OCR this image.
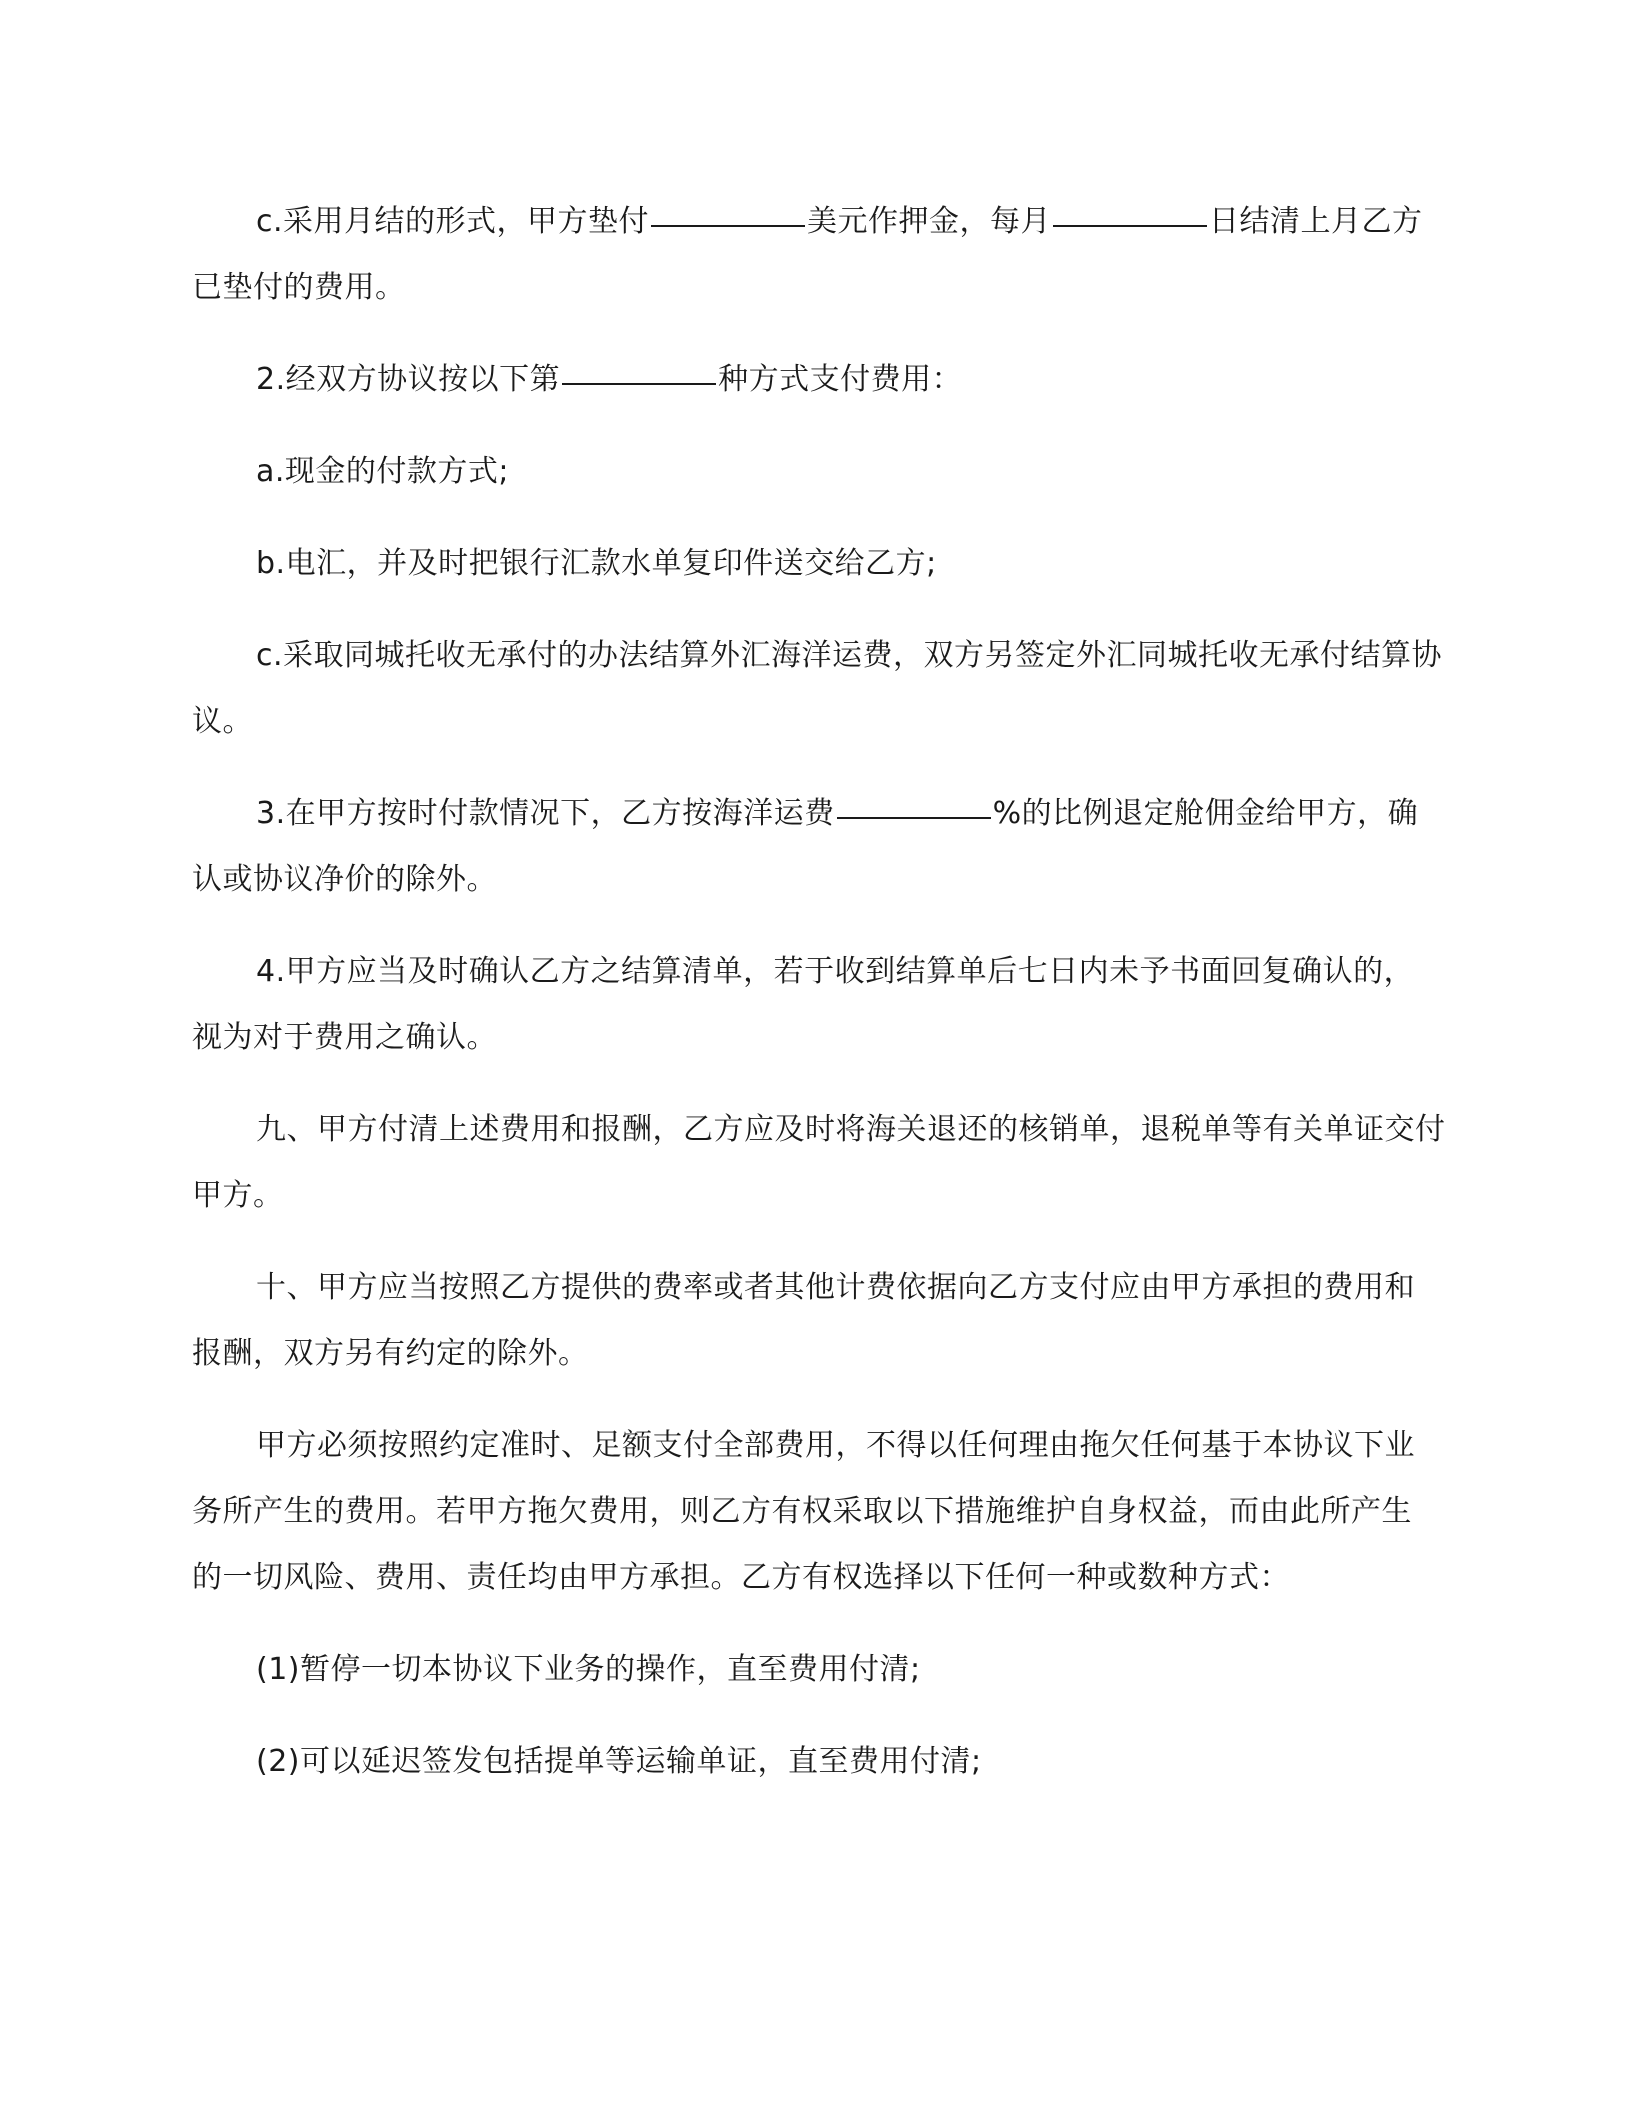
c.采用月结的形式，甲方垫付	美元作押金，每月	日结清上月乙方已垫付的费用。

2.经双方协议按以下第	种方式支付费用：

a.现金的付款方式;

b.电汇，并及时把银行汇款水单复印件送交给乙方;

c.采取同城托收无承付的办法结算外汇海洋运费，双方另签定外汇同城托收无承付结算协议。

3.在甲方按时付款情况下，乙方按海洋运费	%的比例退定舱佣金给甲方，确认或协议净价的除外。

4.甲方应当及时确认乙方之结算清单，若于收到结算单后七日内未予书面回复确认的，视为对于费用之确认。

九、甲方付清上述费用和报酬，乙方应及时将海关退还的核销单，退税单等有关单证交付甲方。

十、甲方应当按照乙方提供的费率或者其他计费依据向乙方支付应由甲方承担的费用和报酬，双方另有约定的除外。

甲方必须按照约定准时、足额支付全部费用，不得以任何理由拖欠任何基于本协议下业务所产生的费用。若甲方拖欠费用，则乙方有权采取以下措施维护自身权益，而由此所产生的一切风险、费用、责任均由甲方承担。乙方有权选择以下任何一种或数种方式：

(1)暂停一切本协议下业务的操作，直至费用付清;

(2)可以延迟签发包括提单等运输单证，直至费用付清;
